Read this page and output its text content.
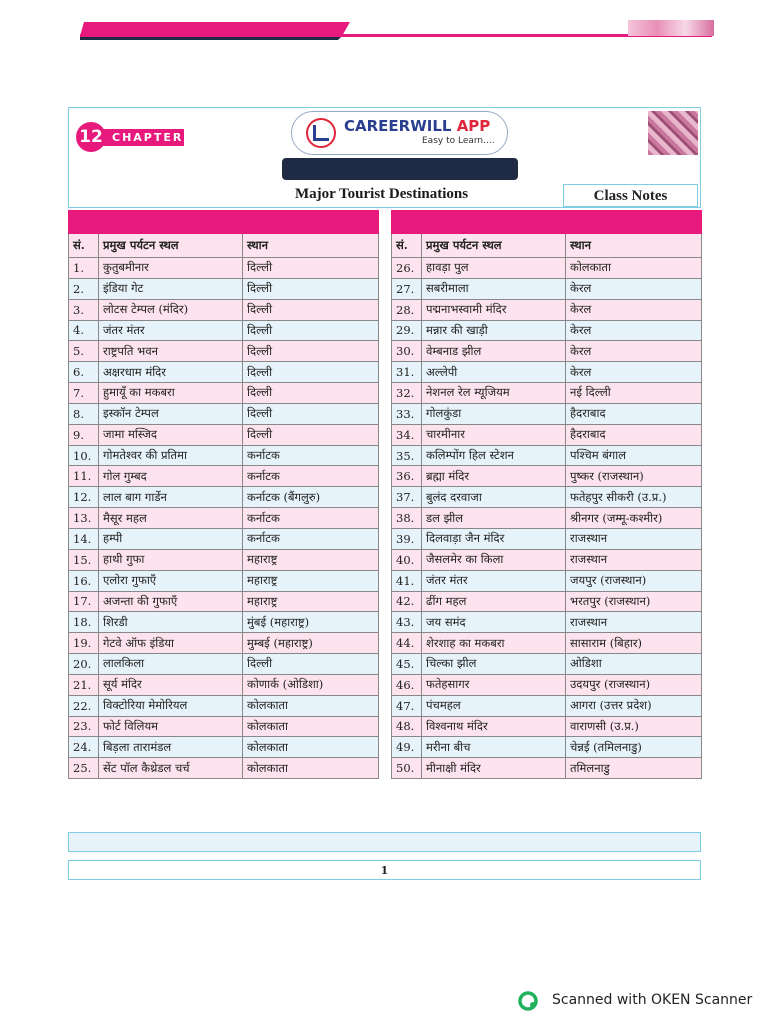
CHAPTER
12
CAREERWILL APP
Easy to Learn....
Major Tourist Destinations	Class Notes

सं.	प्रमुख पर्यटन स्थल	स्थान
1.	कुतुबमीनार	दिल्ली
2.	इंडिया गेट	दिल्ली
3.	लोटस टेम्पल (मंदिर)	दिल्ली
4.	जंतर मंतर	दिल्ली
5.	राष्ट्रपति भवन	दिल्ली
6.	अक्षरधाम मंदिर	दिल्ली
7.	हुमायूँ का मकबरा	दिल्ली
8.	इस्कॉन टेम्पल	दिल्ली
9.	जामा मस्जिद	दिल्ली
10.	गोमतेश्वर की प्रतिमा	कर्नाटक
11.	गोल गुम्बद	कर्नाटक
12.	लाल बाग गार्डेन	कर्नाटक (बैंगलुरु)
13.	मैसूर महल	कर्नाटक
14.	हम्पी	कर्नाटक
15.	हाथी गुफा	महाराष्ट्र
16.	एलोरा गुफाएँ	महाराष्ट्र
17.	अजन्ता की गुफाएँ	महाराष्ट्र
18.	शिरडी	मुंबई (महाराष्ट्र)
19.	गेटवे ऑफ इंडिया	मुम्बई (महाराष्ट्र)
20.	लालकिला	दिल्ली
21.	सूर्य मंदिर	कोणार्क (ओडिशा)
22.	विक्टोरिया मेमोरियल	कोलकाता
23.	फोर्ट विलियम	कोलकाता
24.	बिड़ला तारामंडल	कोलकाता
25.	सेंट पॉल कैथ्रेडल चर्च	कोलकाता

सं.	प्रमुख पर्यटन स्थल	स्थान
26.	हावड़ा पुल	कोलकाता
27.	सबरीमाला	केरल
28.	पद्मनाभस्वामी मंदिर	केरल
29.	मन्नार की खाड़ी	केरल
30.	वेम्बनाड झील	केरल
31.	अल्लेपी	केरल
32.	नेशनल रेल म्यूजियम	नई दिल्ली
33.	गोलकुंडा	हैदराबाद
34.	चारमीनार	हैदराबाद
35.	कलिम्पोंग हिल स्टेशन	पश्चिम बंगाल
36.	ब्रह्मा मंदिर	पुष्कर (राजस्थान)
37.	बुलंद दरवाजा	फतेहपुर सीकरी (उ.प्र.)
38.	डल झील	श्रीनगर (जम्मू-कश्मीर)
39.	दिलवाड़ा जैन मंदिर	राजस्थान
40.	जैसलमेर का किला	राजस्थान
41.	जंतर मंतर	जयपुर (राजस्थान)
42.	ढींग महल	भरतपुर (राजस्थान)
43.	जय समंद	राजस्थान
44.	शेरशाह का मकबरा	सासाराम (बिहार)
45.	चिल्का झील	ओडिशा
46.	फतेहसागर	उदयपुर (राजस्थान)
47.	पंचमहल	आगरा (उत्तर प्रदेश)
48.	विश्वनाथ मंदिर	वाराणसी (उ.प्र.)
49.	मरीना बीच	चेन्नई (तमिलनाडु)
50.	मीनाक्षी मंदिर	तमिलनाडु
1
Scanned with OKEN Scanner
